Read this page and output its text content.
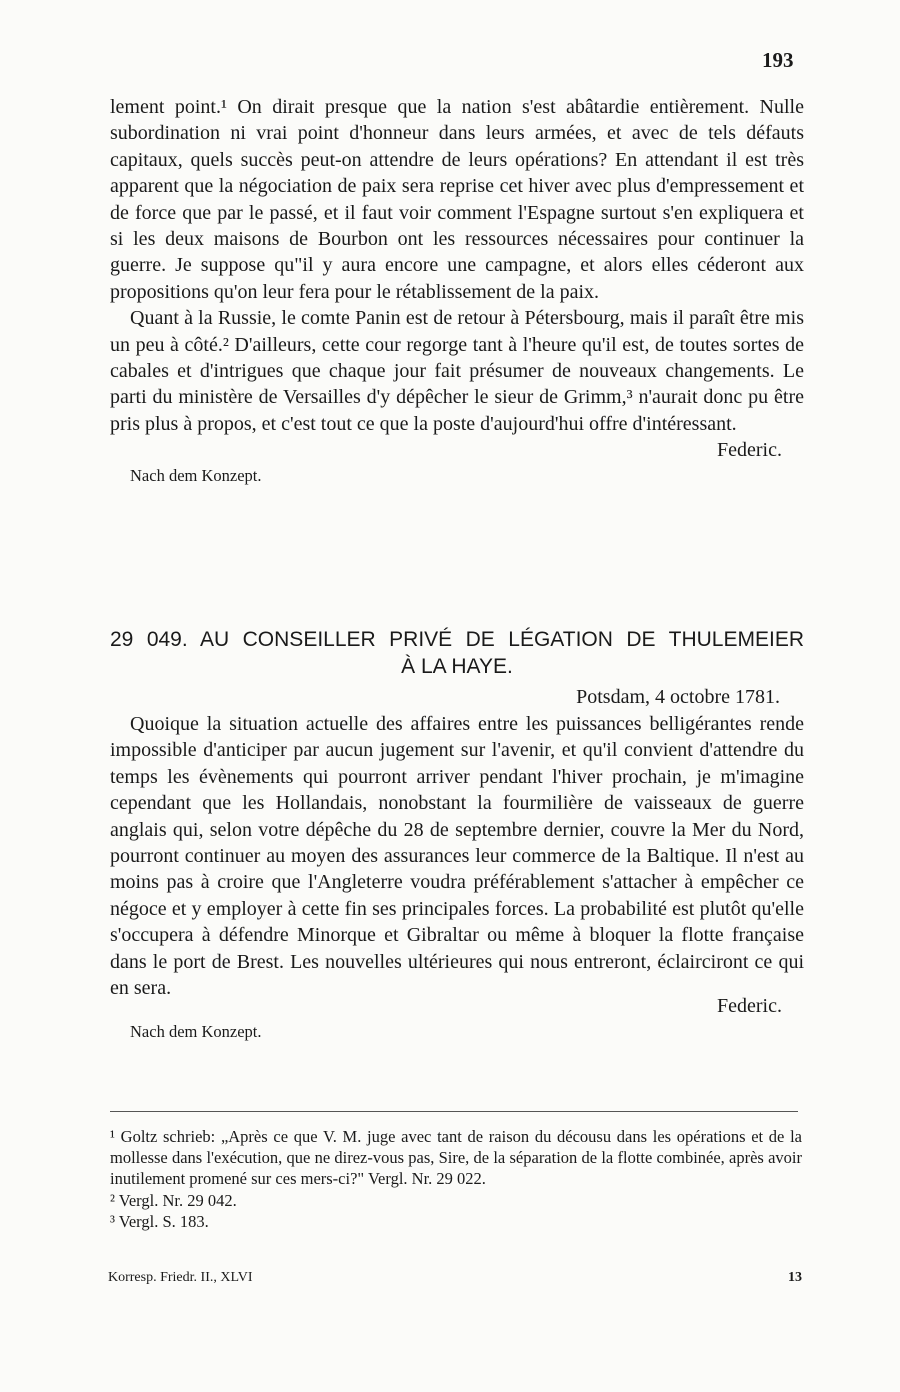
193

lement point.¹ On dirait presque que la nation s'est abâtardie entièrement. Nulle subordination ni vrai point d'honneur dans leurs armées, et avec de tels défauts capitaux, quels succès peut-on attendre de leurs opérations? En attendant il est très apparent que la négociation de paix sera reprise cet hiver avec plus d'empressement et de force que par le passé, et il faut voir comment l'Espagne surtout s'en expliquera et si les deux maisons de Bourbon ont les ressources nécessaires pour continuer la guerre. Je suppose qu"il y aura encore une campagne, et alors elles céderont aux propositions qu'on leur fera pour le rétablissement de la paix.

Quant à la Russie, le comte Panin est de retour à Pétersbourg, mais il paraît être mis un peu à côté.² D'ailleurs, cette cour regorge tant à l'heure qu'il est, de toutes sortes de cabales et d'intrigues que chaque jour fait présumer de nouveaux changements. Le parti du ministère de Versailles d'y dépêcher le sieur de Grimm,³ n'aurait donc pu être pris plus à propos, et c'est tout ce que la poste d'aujourd'hui offre d'intéressant.

Federic.

Nach dem Konzept.

29 049. AU CONSEILLER PRIVÉ DE LÉGATION DE THULEMEIER

À LA HAYE.

Potsdam, 4 octobre 1781.

Quoique la situation actuelle des affaires entre les puissances belligérantes rende impossible d'anticiper par aucun jugement sur l'avenir, et qu'il convient d'attendre du temps les évènements qui pourront arriver pendant l'hiver prochain, je m'imagine cependant que les Hollandais, nonobstant la fourmilière de vaisseaux de guerre anglais qui, selon votre dépêche du 28 de septembre dernier, couvre la Mer du Nord, pourront continuer au moyen des assurances leur commerce de la Baltique. Il n'est au moins pas à croire que l'Angleterre voudra préférablement s'attacher à empêcher ce négoce et y employer à cette fin ses principales forces. La probabilité est plutôt qu'elle s'occupera à défendre Minorque et Gibraltar ou même à bloquer la flotte française dans le port de Brest. Les nouvelles ultérieures qui nous entreront, éclairciront ce qui en sera.

Federic.

Nach dem Konzept.

¹ Goltz schrieb: „Après ce que V. M. juge avec tant de raison du décousu dans les opérations et de la mollesse dans l'exécution, que ne direz-vous pas, Sire, de la séparation de la flotte combinée, après avoir inutilement promené sur ces mers-ci?" Vergl. Nr. 29 022.

² Vergl. Nr. 29 042.

³ Vergl. S. 183.

Korresp. Friedr. II., XLVI	13
